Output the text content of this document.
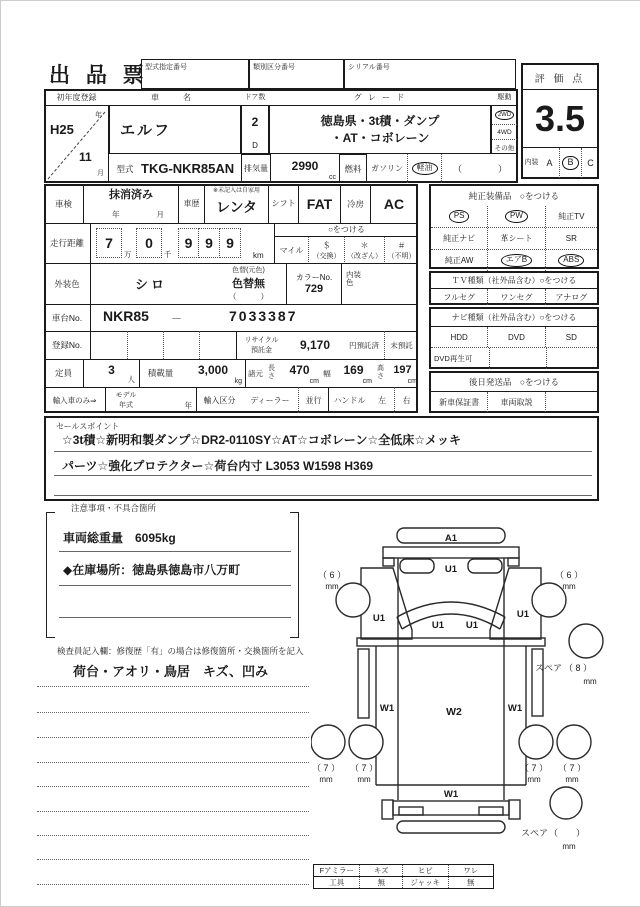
出 品 票
型式指定番号	類別区分番号	シリアル番号
評 価 点
3.5
内装 A	B	C
初年度登録	車　名	ドア数	グ レ ー ド	駆動
年
H25
11
月
エルフ	2
D
徳島県・3t積・ダンプ
・AT・コボレーン
2WD
4WD
その他
型式 TKG-NKR85AN	排気量	2990
cc
燃料	ガソリン	軽油	（　　　　）
車検
抹消済み
年	月
車歴
※未記入は自家用
レンタ	シフト FAT	冷房	AC
走行距離	7
万
0
千
9 9 9
km
○をつける
マイル
＄
（交換）
＊
（改ざん）
＃
（不明）
外装色	シロ
色替(元色)
色替無
（　　　）
カラーNo.
729
内装色
車台No.	NKR85 －	7033387
登録No.	リサイクル
預託金	9,170	円預託済	未預託
定員	3
人
積載量	3,000
kg
諸元 長さ	470
cm
幅	169
cm
高さ
197
cm
輸入車のみ⇒	モデル
年式	年
輸入区分	ディーラー	並行	ハンドル	左	右
純正装備品　○をつける
PS	PW	純正TV
純正ナビ	革シート	SR
純正AW	エアB	ABS
ＴＶ種類（社外品含む）○をつける
フルセグ	ワンセグ	アナログ
ナビ種類（社外品含む）○をつける
HDD	DVD	SD
DVD再生可
後日発送品　○をつける
新車保証書	車両取説
セールスポイント
☆3t積☆新明和製ダンプ☆DR2-0110SY☆AT☆コボレーン☆全低床☆メッキ
パーツ☆強化プロテクター☆荷台内寸 L3053 W1598 H369
注意事項・不具合箇所
車両総重量　6095kg
◆在庫場所：徳島県徳島市八万町
検査員記入欄：修復歴「有」の場合は修復箇所・交換箇所を記入
荷台・アオリ・鳥居　キズ、凹み
A1
U1
U1 U1
U1	U1
W1	W2	W1
W1
（ 6 ）
mm
（ 6 ）
mm
スペア （ 8 ）
mm
（ 7 ）
mm
（ 7 ）
mm
（ 7 ）
mm
（ 7 ）
mm
スペア （　　）
mm
Fアミラー	キズ	ヒビ	ワレ
工具	無	ジャッキ	無
